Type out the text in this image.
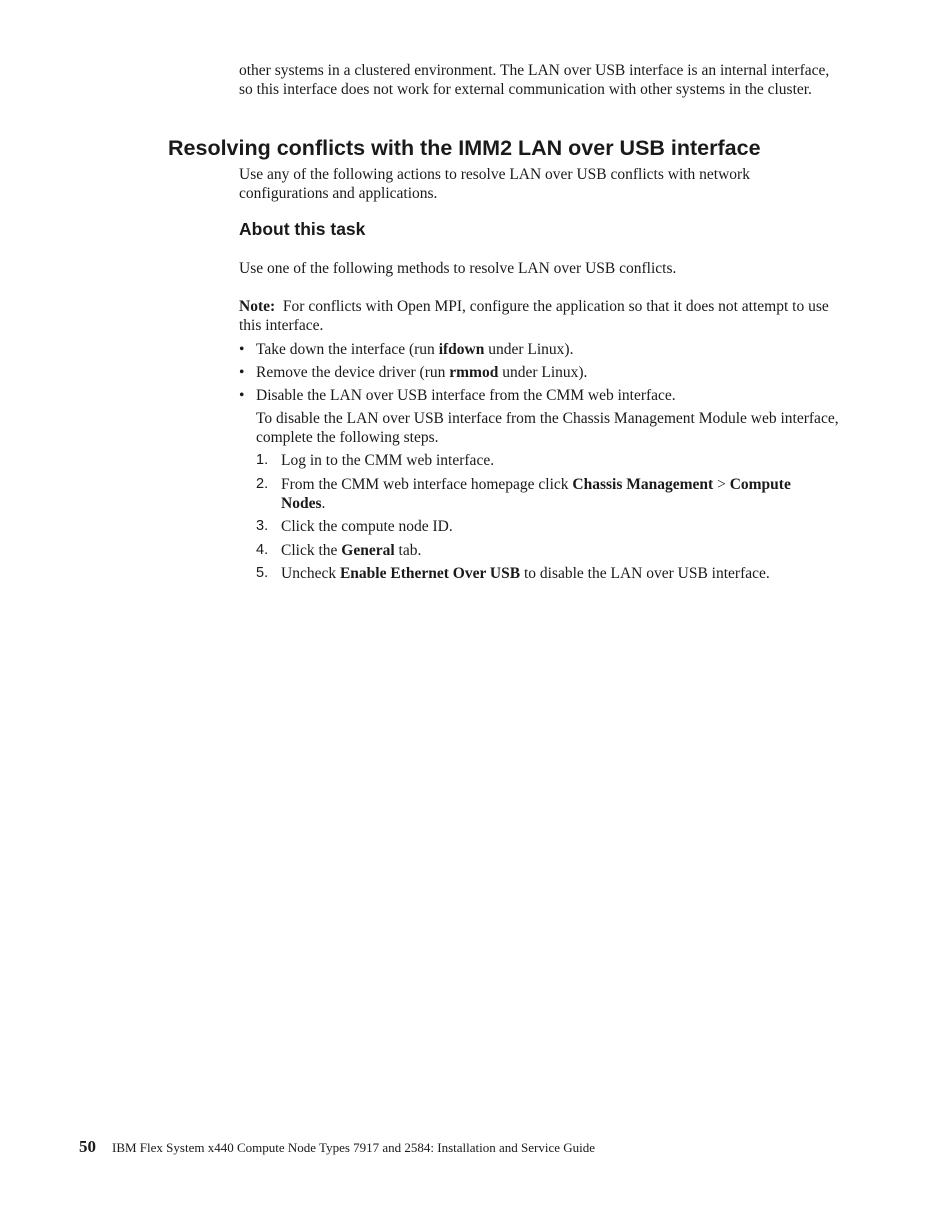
other systems in a clustered environment. The LAN over USB interface is an internal interface, so this interface does not work for external communication with other systems in the cluster.

Resolving conflicts with the IMM2 LAN over USB interface

Use any of the following actions to resolve LAN over USB conflicts with network configurations and applications.

About this task

Use one of the following methods to resolve LAN over USB conflicts.

Note: For conflicts with Open MPI, configure the application so that it does not attempt to use this interface.

• Take down the interface (run ifdown under Linux).
• Remove the device driver (run rmmod under Linux).
• Disable the LAN over USB interface from the CMM web interface.

To disable the LAN over USB interface from the Chassis Management Module web interface, complete the following steps.

1. Log in to the CMM web interface.
2. From the CMM web interface homepage click Chassis Management > Compute Nodes.
3. Click the compute node ID.
4. Click the General tab.
5. Uncheck Enable Ethernet Over USB to disable the LAN over USB interface.
50 IBM Flex System x440 Compute Node Types 7917 and 2584: Installation and Service Guide
